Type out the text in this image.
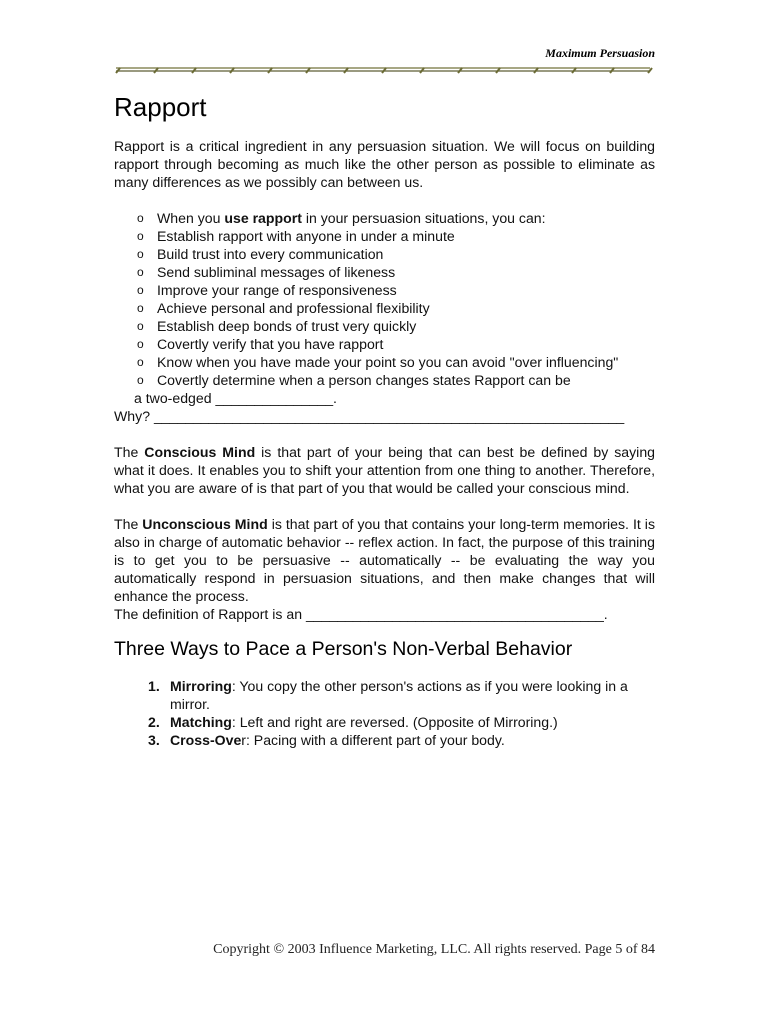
Maximum Persuasion
Rapport

Rapport is a critical ingredient in any persuasion situation. We will focus on building rapport through becoming as much like the other person as possible to eliminate as many differences as we possibly can between us.

o When you use rapport in your persuasion situations, you can:
o Establish rapport with anyone in under a minute
o Build trust into every communication
o Send subliminal messages of likeness
o Improve your range of responsiveness
o Achieve personal and professional flexibility
o Establish deep bonds of trust very quickly
o Covertly verify that you have rapport
o Know when you have made your point so you can avoid "over influencing"
o Covertly determine when a person changes states Rapport can be
a two-edged _______________.
Why? ____________________________________________________________

The Conscious Mind is that part of your being that can best be defined by saying what it does. It enables you to shift your attention from one thing to another. Therefore, what you are aware of is that part of you that would be called your conscious mind.

The Unconscious Mind is that part of you that contains your long-term memories. It is also in charge of automatic behavior -- reflex action. In fact, the purpose of this training is to get you to be persuasive -- automatically -- be evaluating the way you automatically respond in persuasion situations, and then make changes that will enhance the process.

The definition of Rapport is an ______________________________________.
Three Ways to Pace a Person's Non-Verbal Behavior
1. Mirroring: You copy the other person's actions as if you were looking in a mirror.
2. Matching: Left and right are reversed. (Opposite of Mirroring.)
3. Cross-Over: Pacing with a different part of your body.
Copyright © 2003 Influence Marketing, LLC. All rights reserved. Page 5 of 84
